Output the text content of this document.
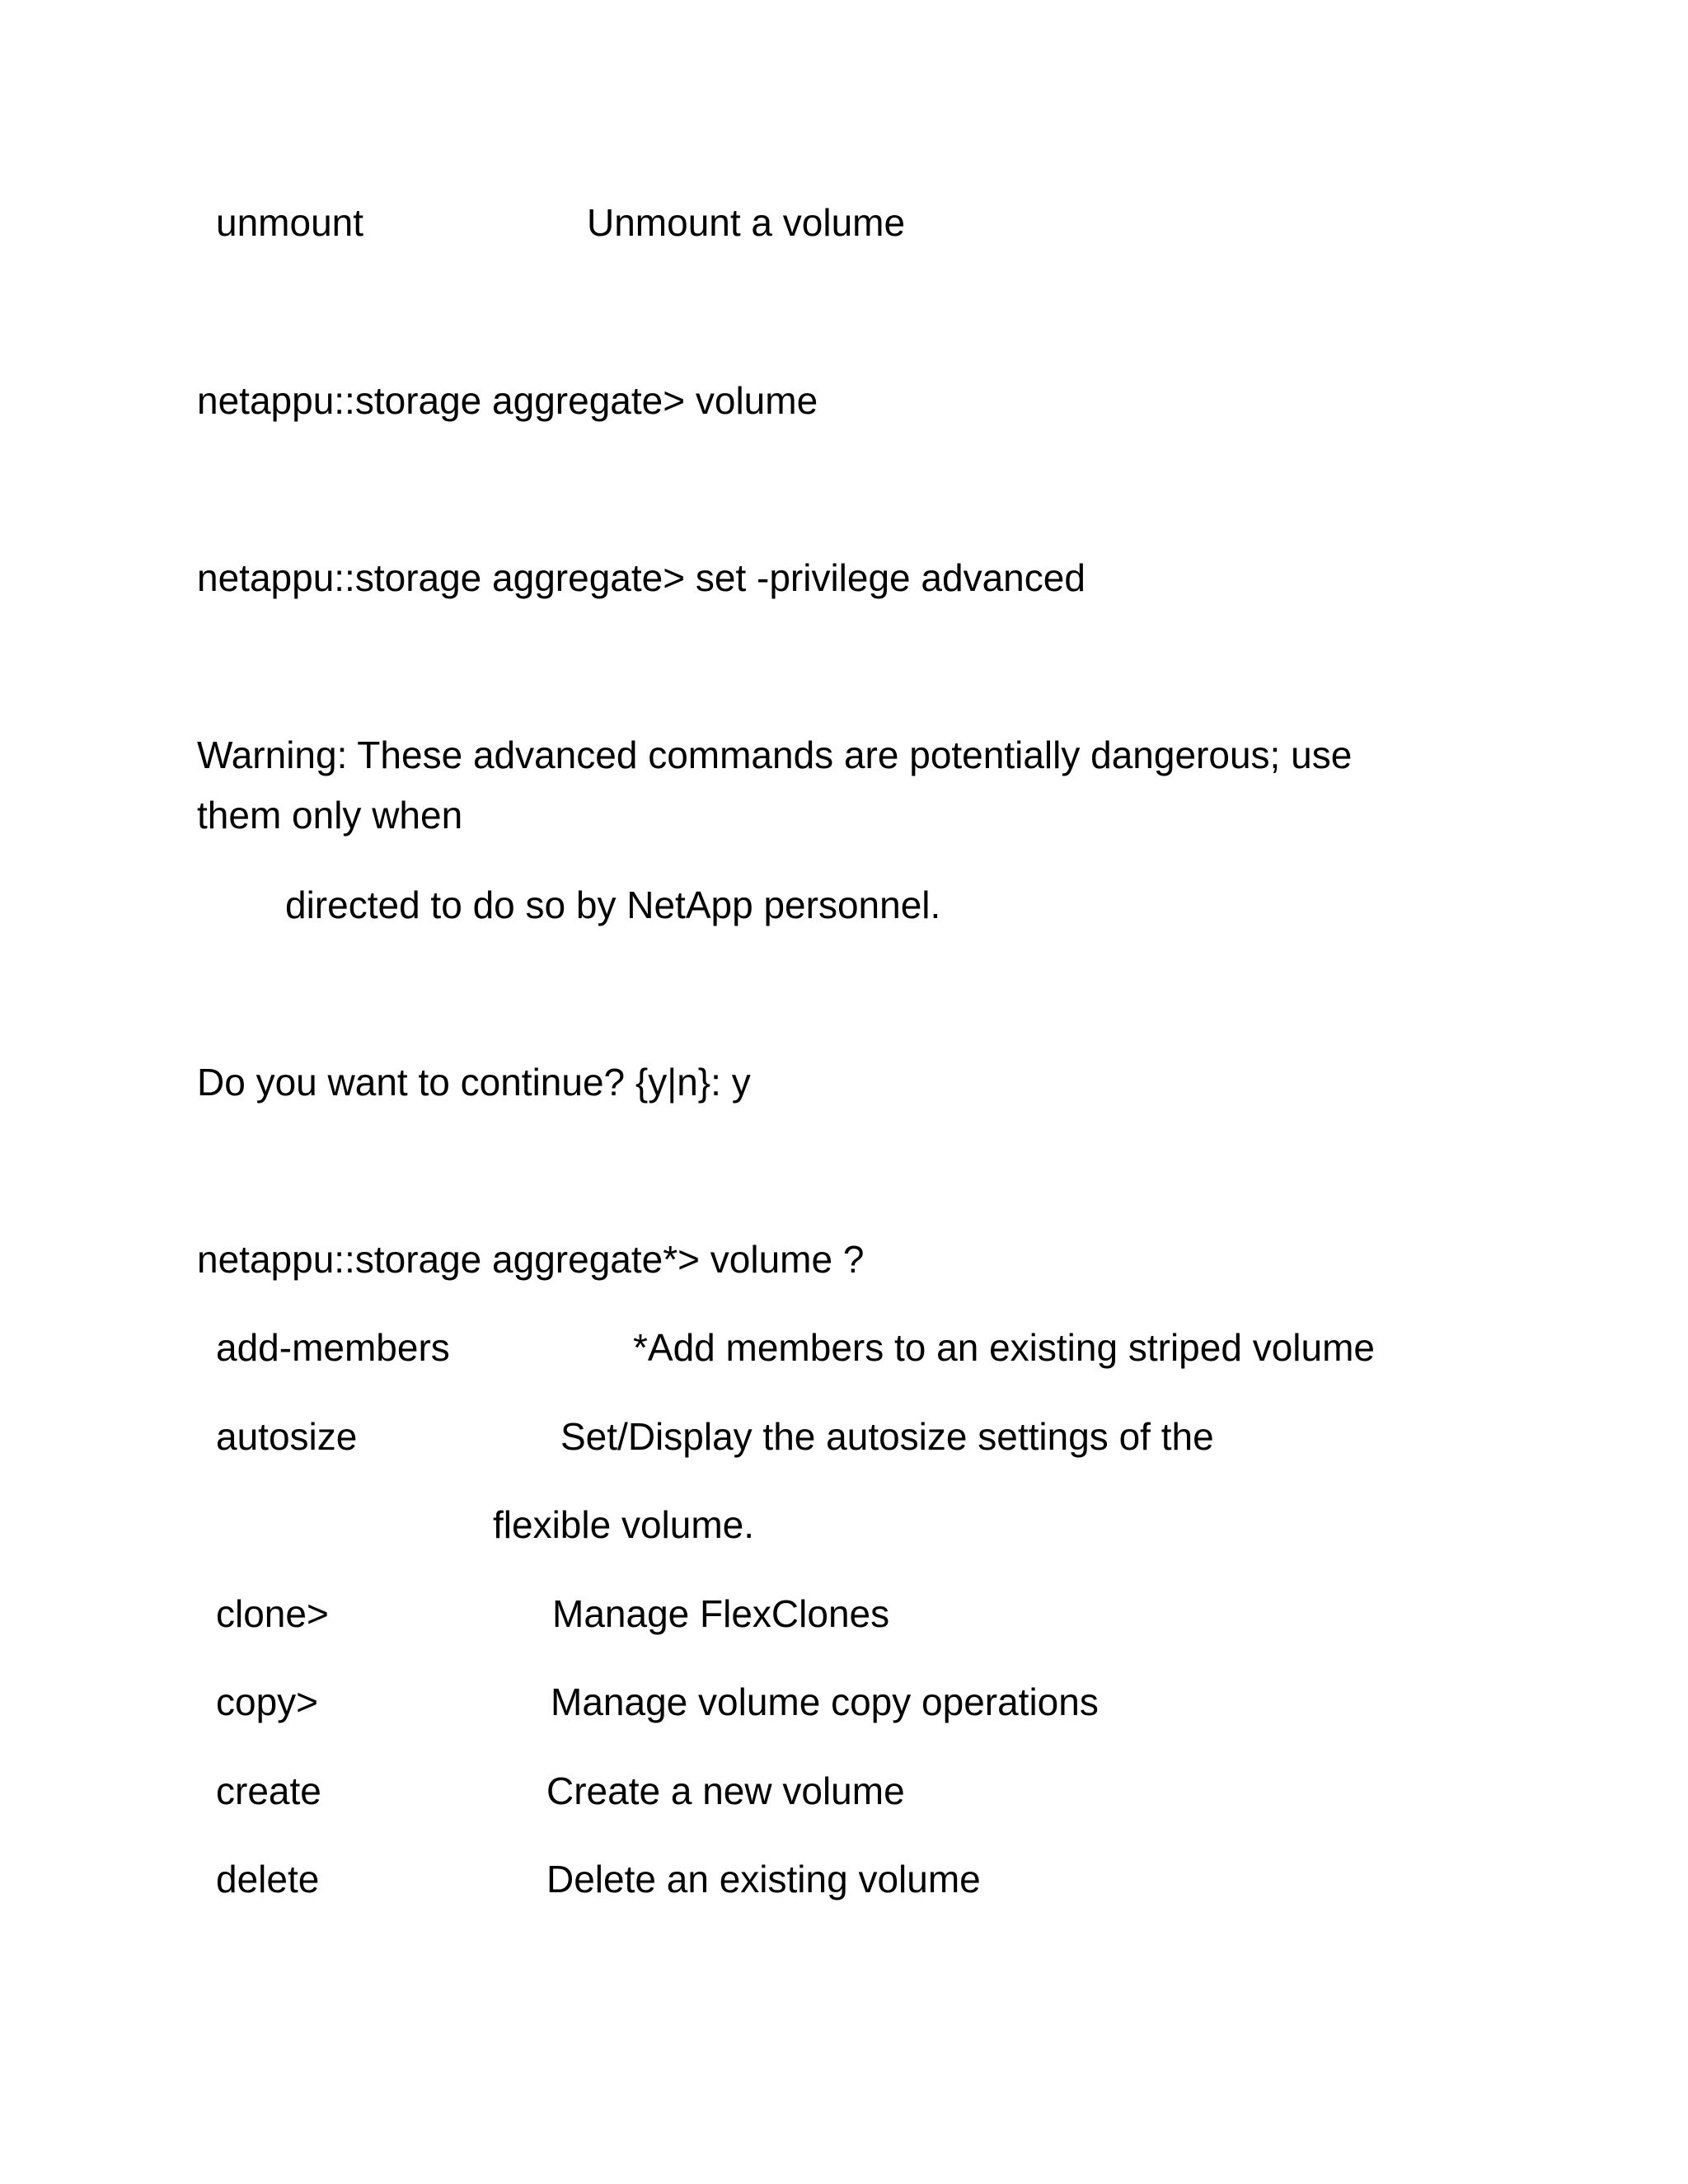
unmount	Unmount a volume

netappu::storage aggregate> volume

netappu::storage aggregate> set -privilege advanced

Warning: These advanced commands are potentially dangerous; use

them only when

directed to do so by NetApp personnel.

Do you want to continue? {y|n}: y

netappu::storage aggregate*> volume ?

add-members	*Add members to an existing striped volume
autosize	Set/Display the autosize settings of the
flexible volume.
clone>	Manage FlexClones
copy>	Manage volume copy operations
create	Create a new volume
delete	Delete an existing volume
